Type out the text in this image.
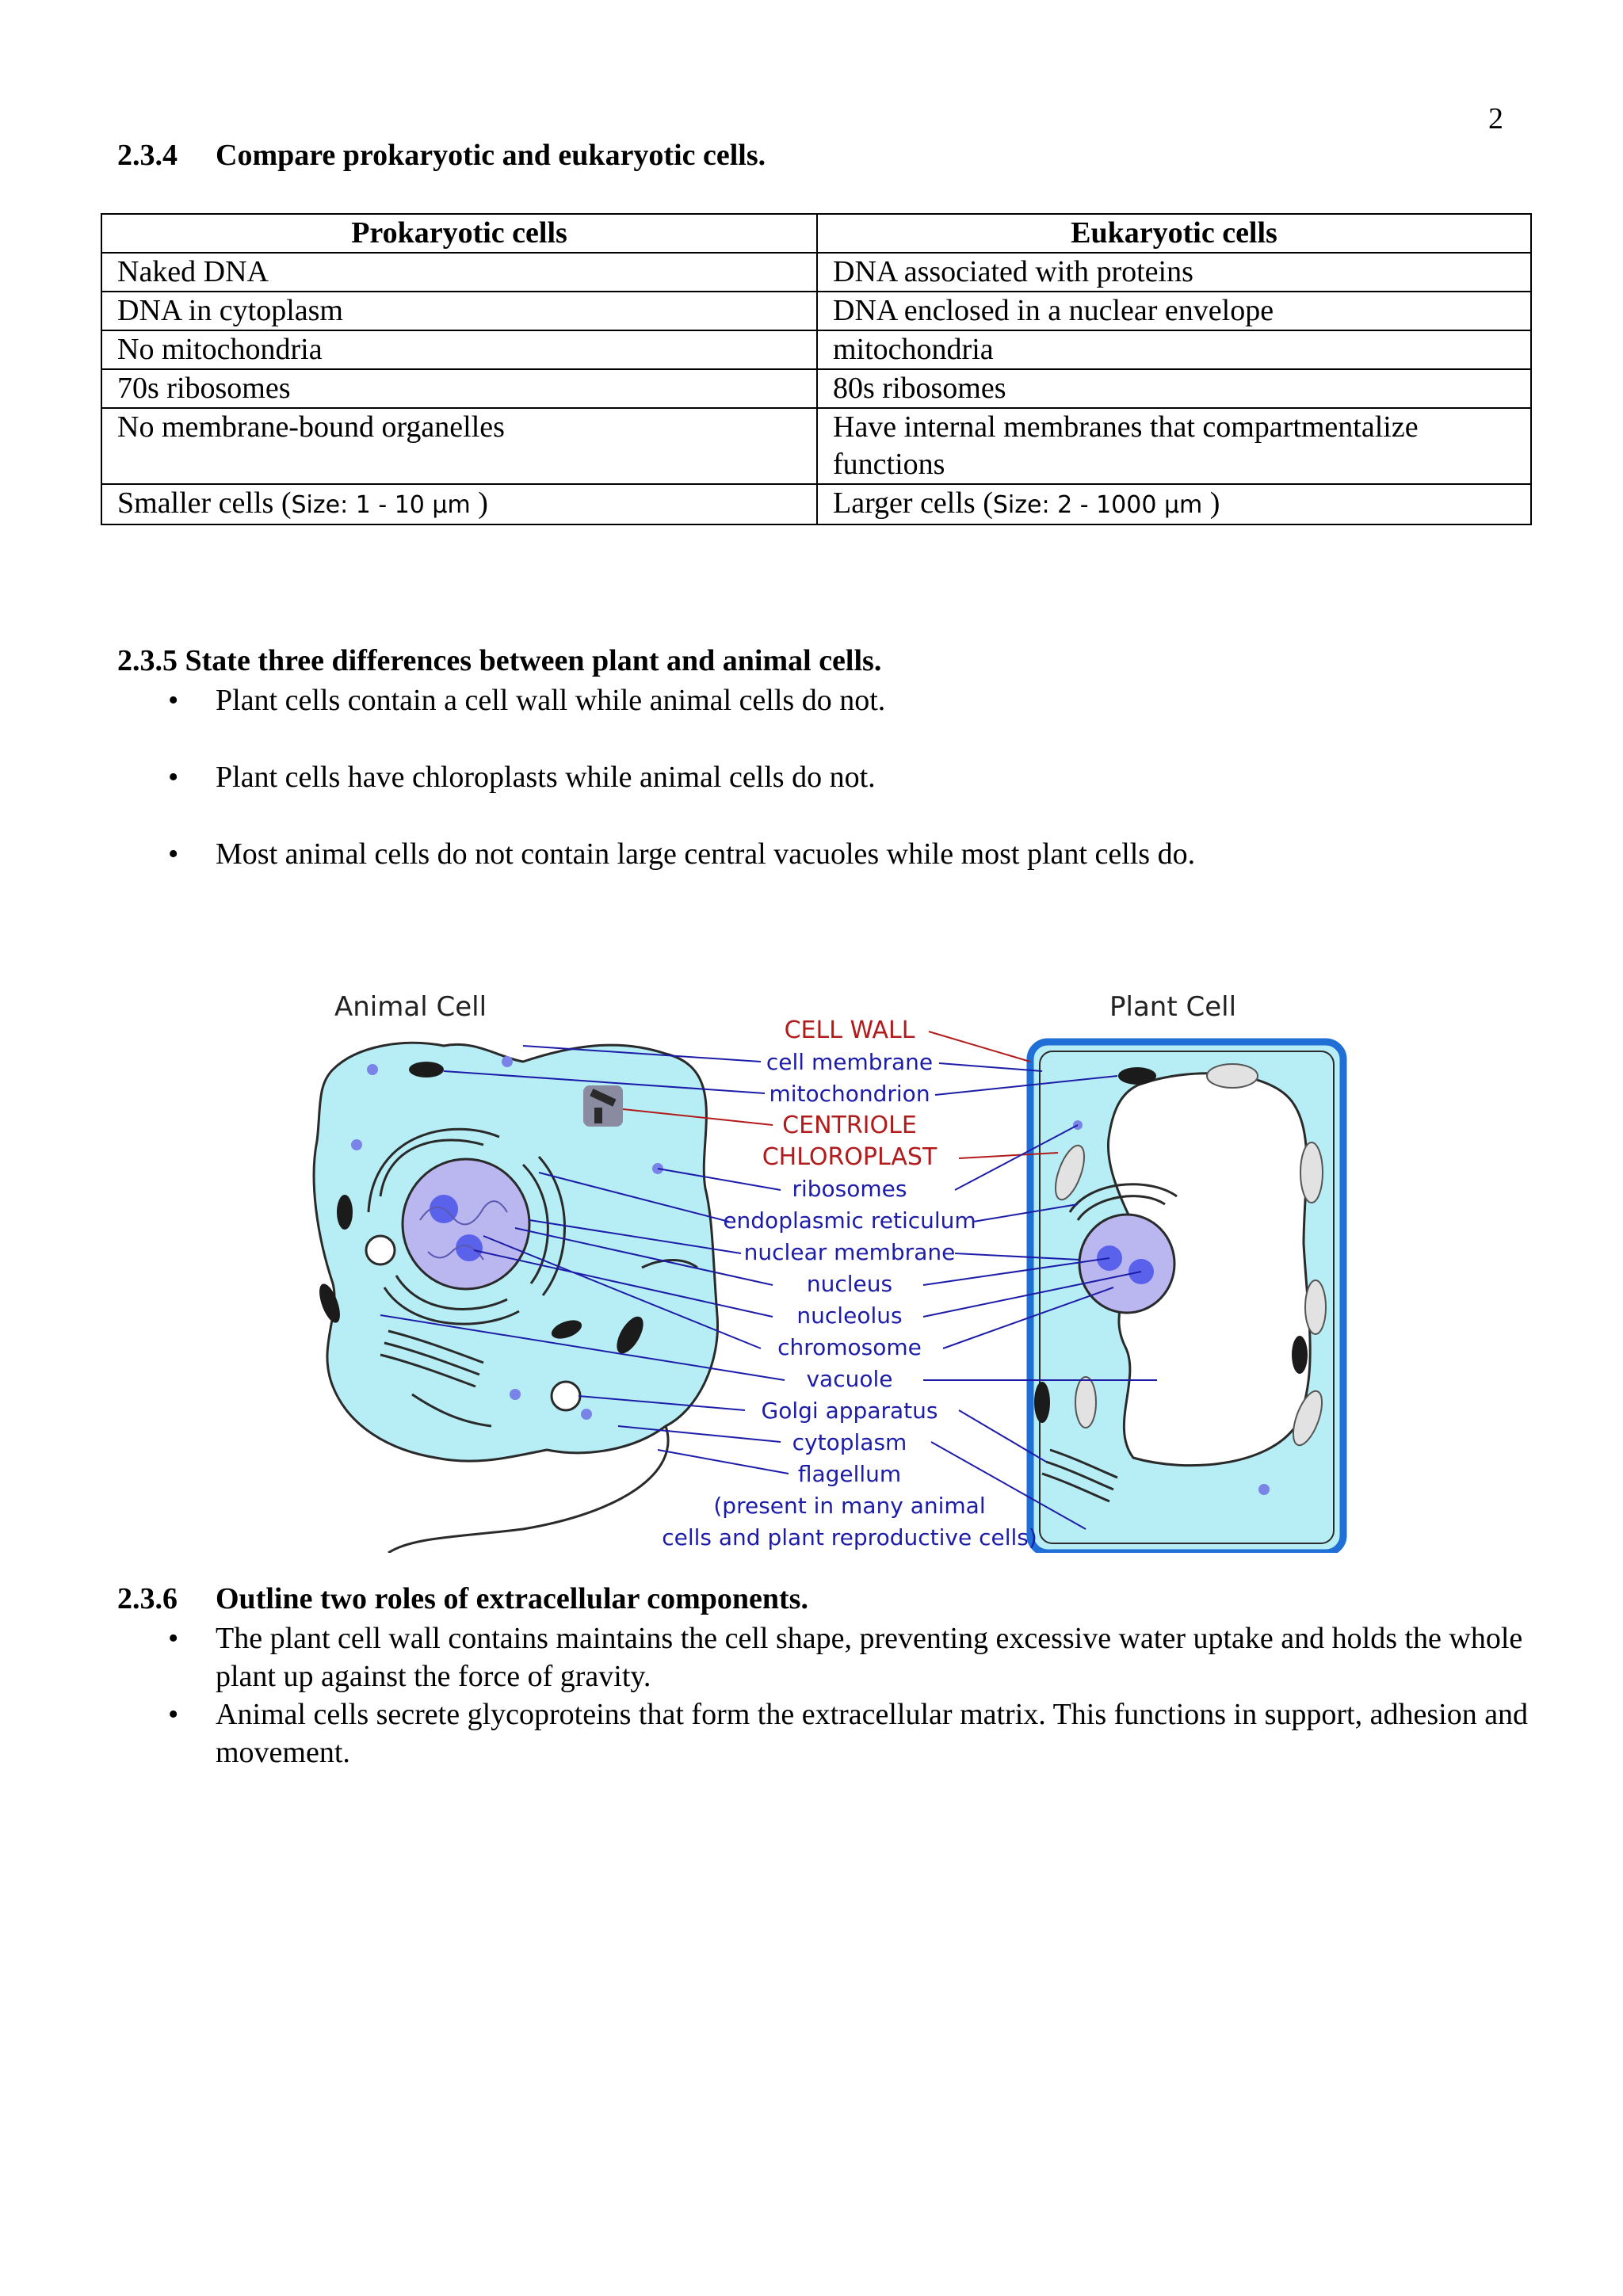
2
2.3.4 Compare prokaryotic and eukaryotic cells.
Prokaryotic cells	Eukaryotic cells
Naked DNA	DNA associated with proteins
DNA in cytoplasm	DNA enclosed in a nuclear envelope
No mitochondria	mitochondria
70s ribosomes	80s ribosomes
No membrane-bound organelles	Have internal membranes that compartmentalize functions
Smaller cells (Size: 1 - 10 µm )	Larger cells (Size: 2 - 1000 µm )
2.3.5 State three differences between plant and animal cells.
• Plant cells contain a cell wall while animal cells do not.
• Plant cells have chloroplasts while animal cells do not.
• Most animal cells do not contain large central vacuoles while most plant cells do.
Animal Cell	Plant Cell
CELL WALL
cell membrane
mitochondrion
CENTRIOLE
CHLOROPLAST
ribosomes
endoplasmic reticulum
nuclear membrane
nucleus
nucleolus
chromosome
vacuole
Golgi apparatus
cytoplasm
flagellum
(present in many animal
cells and plant reproductive cells)
2.3.6 Outline two roles of extracellular components.
• The plant cell wall contains maintains the cell shape, preventing excessive water uptake and holds the whole plant up against the force of gravity.
• Animal cells secrete glycoproteins that form the extracellular matrix. This functions in support, adhesion and movement.
